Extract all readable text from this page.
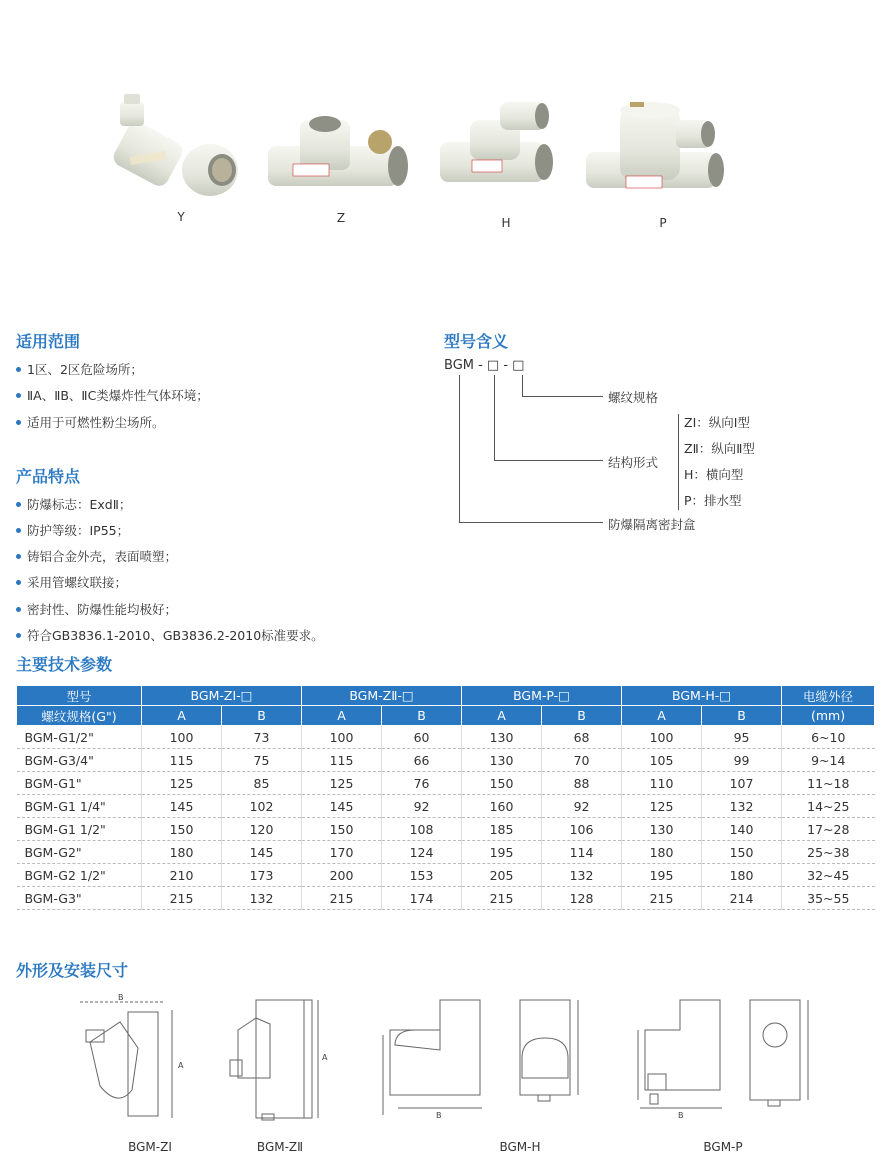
Y	Z	H	P
适用范围
1区、2区危险场所；
ⅡA、ⅡB、ⅡC类爆炸性气体环境；
适用于可燃性粉尘场所。
产品特点
防爆标志：ExdⅡ；
防护等级：IP55；
铸铝合金外壳，表面喷塑；
采用管螺纹联接；
密封性、防爆性能均极好；
符合GB3836.1-2010、GB3836.2-2010标准要求。
型号含义
BGM - □ - □
螺纹规格
结构形式
ZⅠ：纵向Ⅰ型
ZⅡ：纵向Ⅱ型
H：横向型
P：排水型
防爆隔离密封盒
主要技术参数
型号	BGM-ZⅠ-□		BGM-ZⅡ-□		BGM-P-□		BGM-H-□		电缆外径
螺纹规格(G")	A	B	A	B	A	B	A	B	(mm)
BGM-G1/2"	100	73	100	60	130	68	100	95	6~10
BGM-G3/4"	115	75	115	66	130	70	105	99	9~14
BGM-G1"	125	85	125	76	150	88	110	107	11~18
BGM-G1 1/4"	145	102	145	92	160	92	125	132	14~25
BGM-G1 1/2"	150	120	150	108	185	106	130	140	17~28
BGM-G2"	180	145	170	124	195	114	180	150	25~38
BGM-G2 1/2"	210	173	200	153	205	132	195	180	32~45
BGM-G3"	215	132	215	174	215	128	215	214	35~55
外形及安装尺寸
B
A
A
B	B
BGM-ZⅠ	BGM-ZⅡ	BGM-H	BGM-P
